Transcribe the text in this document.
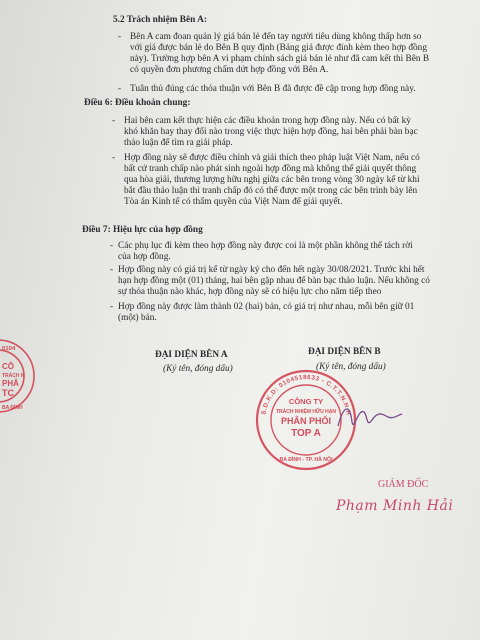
5.2 Trách nhiệm Bên A:
- Bên A cam đoan quản lý giá bán lẻ đến tay người tiêu dùng không thấp hơn so với giá được bán lẻ do Bên B quy định (Bảng giá được đính kèm theo hợp đồng này). Trường hợp bên A vi phạm chính sách giá bán lẻ như đã cam kết thì Bên B có quyền đơn phương chấm dứt hợp đồng với Bên A.
- Tuân thủ đúng các thỏa thuận với Bên B đã được đề cập trong hợp đồng này.
Điều 6: Điều khoản chung:
- Hai bên cam kết thực hiện các điều khoản trong hợp đồng này. Nếu có bất kỳ khó khăn hay thay đổi nào trong việc thực hiện hợp đồng, hai bên phải bàn bạc thảo luận để tìm ra giải pháp.
- Hợp đồng này sẽ được điều chỉnh và giải thích theo pháp luật Việt Nam, nếu có bất cứ tranh chấp nào phát sinh ngoài hợp đồng mà không thể giải quyết thông qua hòa giải, thương lượng hữu nghị giữa các bên trong vòng 30 ngày kể từ khi bắt đầu thảo luận thì tranh chấp đó có thể được một trong các bên trình bày lên Tòa án Kinh tế có thẩm quyền của Việt Nam để giải quyết.
Điều 7: Hiệu lực của hợp đồng
- Các phụ lục đi kèm theo hợp đồng này được coi là một phần không thể tách rời của hợp đồng.
- Hợp đồng này có giá trị kể từ ngày ký cho đến hết ngày 30/08/2021. Trước khi hết hạn hợp đồng một (01) tháng, hai bên gặp nhau để bàn bạc thảo luận. Nếu không có sự thỏa thuận nào khác, hợp đồng này sẽ có hiệu lực cho năm tiếp theo
- Hợp đồng này được làm thành 02 (hai) bản, có giá trị như nhau, mỗi bên giữ 01 (một) bản.
ĐẠI DIỆN BÊN A
(Ký tên, đóng dấu)
ĐẠI DIỆN BÊN B
(Ký tên, đóng dấu)
GIÁM ĐỐC
0104
CÔ
TRÁCH N
PHÂ
TC
BA ĐÌNH
S.D.K.D: 0104518633 - C.T.T.N.H.H
CÔNG TY
TRÁCH NHIỆM HỮU HẠN
PHÂN PHỐI
TOP A
BA ĐÌNH - TP. HÀ NỘI
Phạm Minh Hải
